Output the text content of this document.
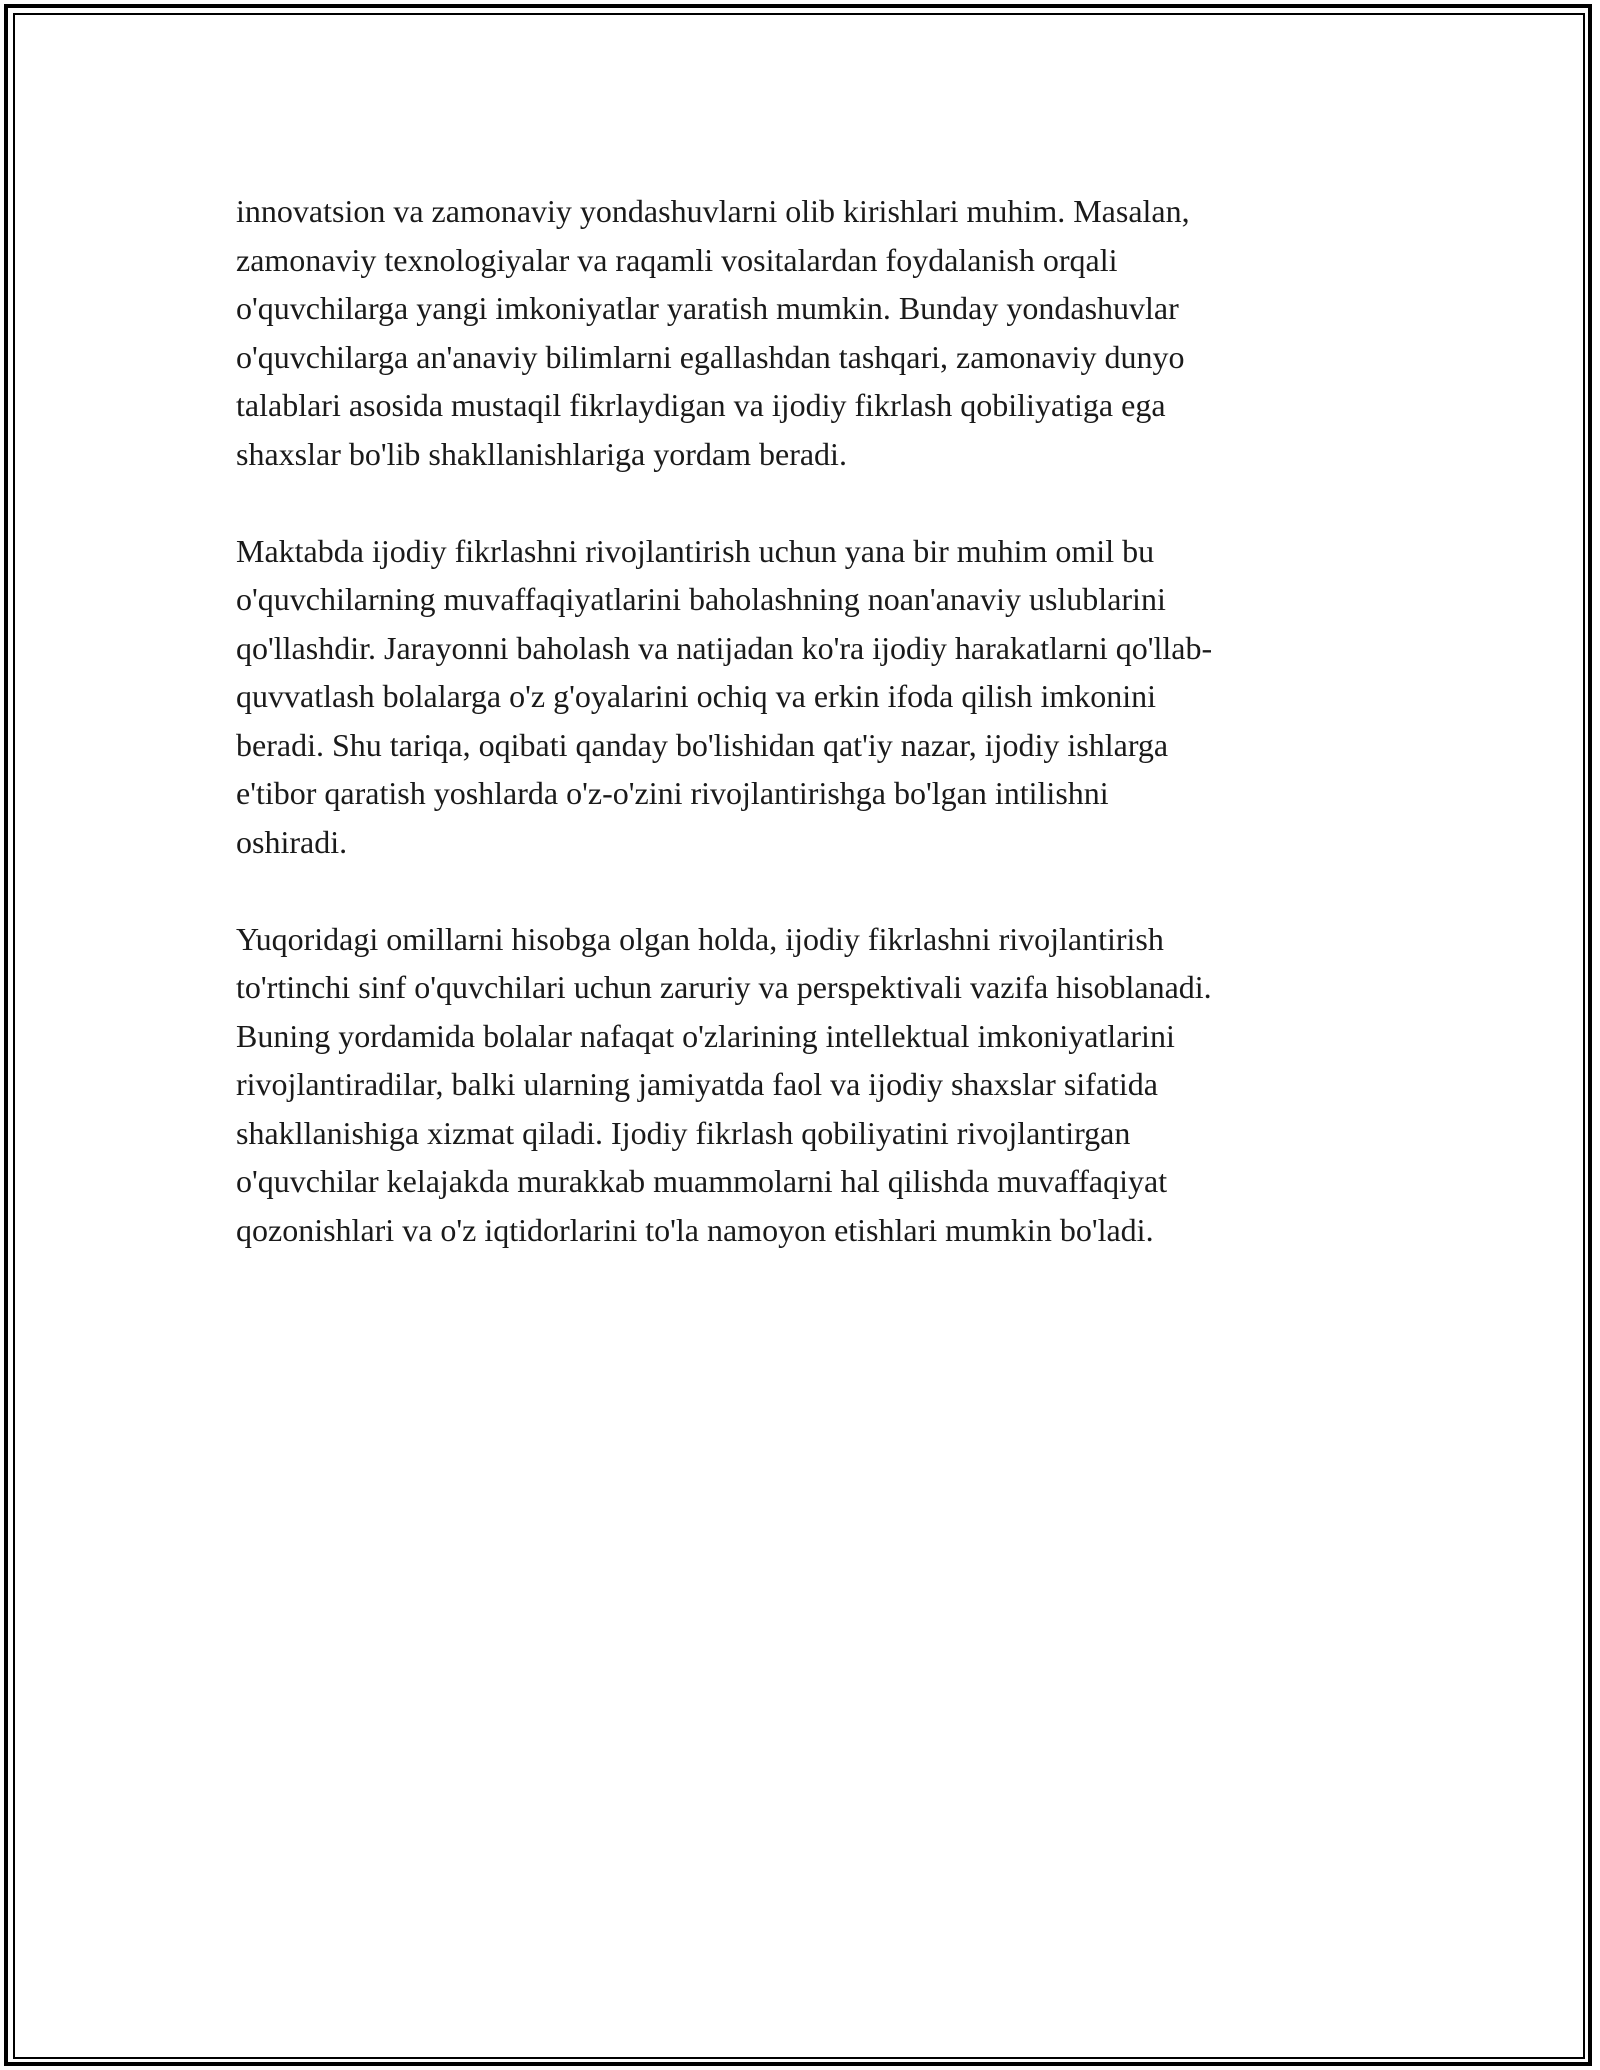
innovatsion va zamonaviy yondashuvlarni olib kirishlari muhim. Masalan,
zamonaviy texnologiyalar va raqamli vositalardan foydalanish orqali
o'quvchilarga yangi imkoniyatlar yaratish mumkin. Bunday yondashuvlar
o'quvchilarga an'anaviy bilimlarni egallashdan tashqari, zamonaviy dunyo
talablari asosida mustaqil fikrlaydigan va ijodiy fikrlash qobiliyatiga ega
shaxslar bo'lib shakllanishlariga yordam beradi.

Maktabda ijodiy fikrlashni rivojlantirish uchun yana bir muhim omil bu
o'quvchilarning muvaffaqiyatlarini baholashning noan'anaviy uslublarini
qo'llashdir. Jarayonni baholash va natijadan ko'ra ijodiy harakatlarni qo'llab-
quvvatlash bolalarga o'z g'oyalarini ochiq va erkin ifoda qilish imkonini
beradi. Shu tariqa, oqibati qanday bo'lishidan qat'iy nazar, ijodiy ishlarga
e'tibor qaratish yoshlarda o'z-o'zini rivojlantirishga bo'lgan intilishni
oshiradi.

Yuqoridagi omillarni hisobga olgan holda, ijodiy fikrlashni rivojlantirish
to'rtinchi sinf o'quvchilari uchun zaruriy va perspektivali vazifa hisoblanadi.
Buning yordamida bolalar nafaqat o'zlarining intellektual imkoniyatlarini
rivojlantiradilar, balki ularning jamiyatda faol va ijodiy shaxslar sifatida
shakllanishiga xizmat qiladi. Ijodiy fikrlash qobiliyatini rivojlantirgan
o'quvchilar kelajakda murakkab muammolarni hal qilishda muvaffaqiyat
qozonishlari va o'z iqtidorlarini to'la namoyon etishlari mumkin bo'ladi.
